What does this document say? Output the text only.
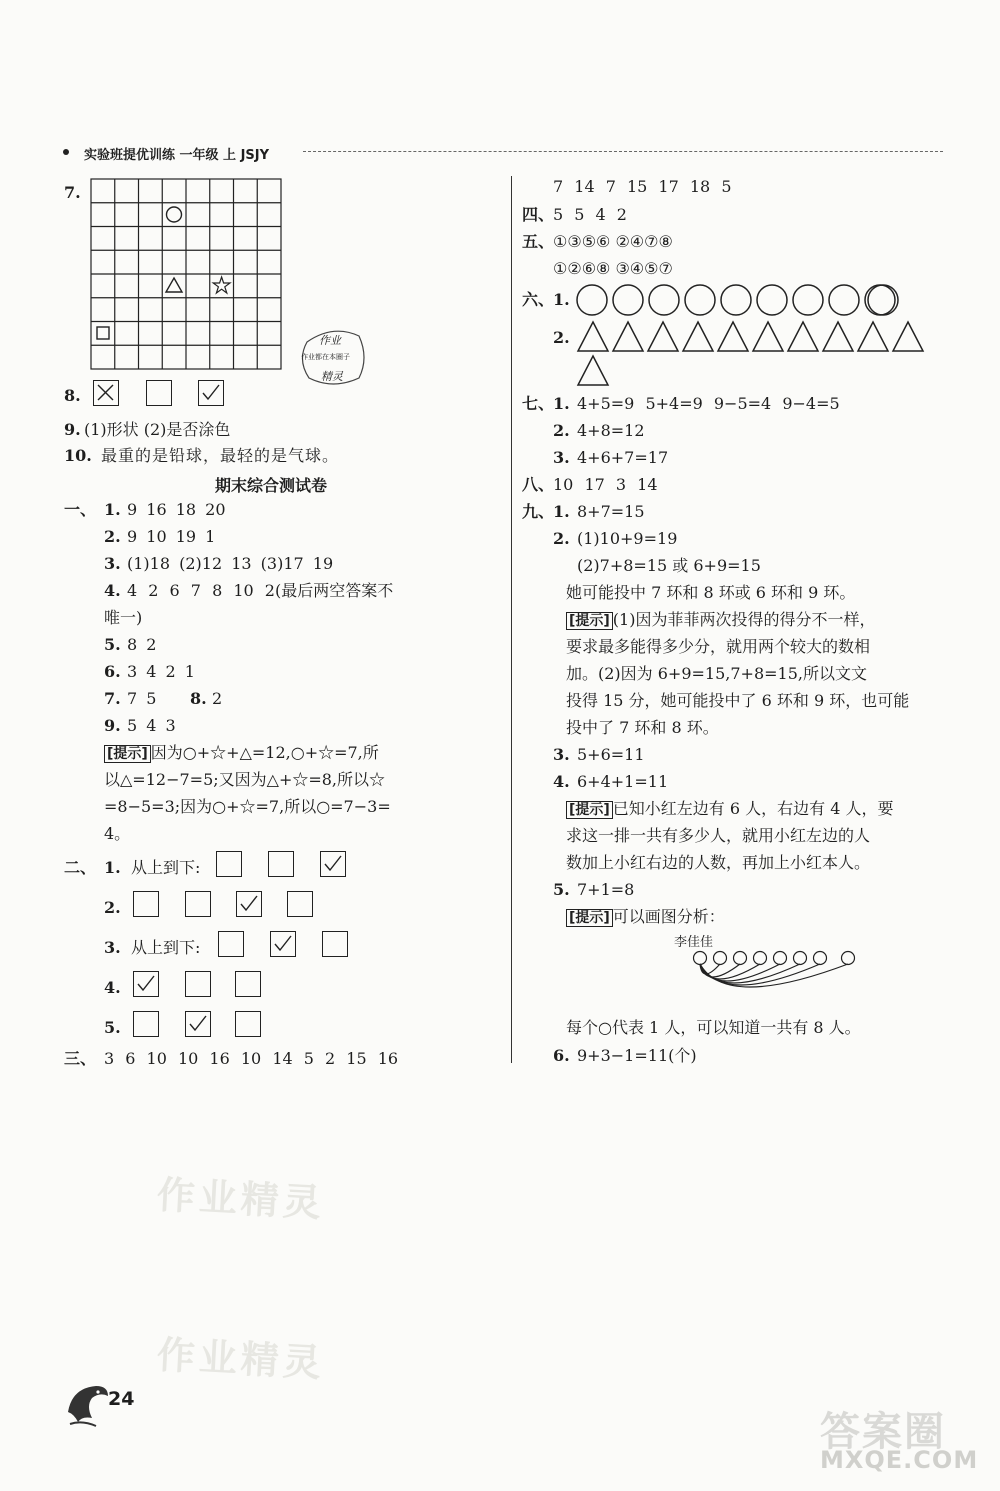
实验班提优训练 一年级 上 JSJY
7.
作业
作业都在本圈子
精灵
8.
9. (1)形状 (2)是否涂色
10. 最重的是铅球，最轻的是气球。
期末综合测试卷
一、 1. 9 16 18 20
2. 9 10 19 1
3. (1)18 (2)12 13 (3)17 19
4. 4 2 6 7 8 10 2(最后两空答案不
唯一)
5. 8 2
6. 3 4 2 1
7. 7 5 8. 2
9. 5 4 3
[提示] 因为○+☆+△=12,○+☆=7,所
以△=12−7=5;又因为△+☆=8,所以☆
=8−5=3;因为○+☆=7,所以○=7−3=
4。
二、 1. 从上到下:
2.
3. 从上到下:
4.
5.
三、 3 6 10 10 16 10 14 5 2 15 16
7 14 7 15 17 18 5
四、
5 5 4 2
五、
①③⑤⑥ ②④⑦⑧
①②⑥⑧ ③④⑤⑦
六、
1.
2.
七、
1. 4+5=9 5+4=9 9−5=4 9−4=5
2. 4+8=12
3. 4+6+7=17
八、
10 17 3 14
九、
1. 8+7=15
2. (1)10+9=19
(2)7+8=15 或 6+9=15
她可能投中 7 环和 8 环或 6 环和 9 环。
[提示] (1)因为菲菲两次投得的得分不一样，
要求最多能得多少分，就用两个较大的数相
加。(2)因为 6+9=15,7+8=15,所以文文
投得 15 分，她可能投中了 6 环和 9 环，也可能
投中了 7 环和 8 环。
3. 5+6=11
4. 6+4+1=11
[提示] 已知小红左边有 6 人，右边有 4 人，要
求这一排一共有多少人，就用小红左边的人
数加上小红右边的人数，再加上小红本人。
5. 7+1=8
[提示] 可以画图分析：
李佳佳
每个○代表 1 人，可以知道一共有 8 人。
6. 9+3−1=11(个)
作业精灵
作业精灵
24
答案圈
MXQE.COM
